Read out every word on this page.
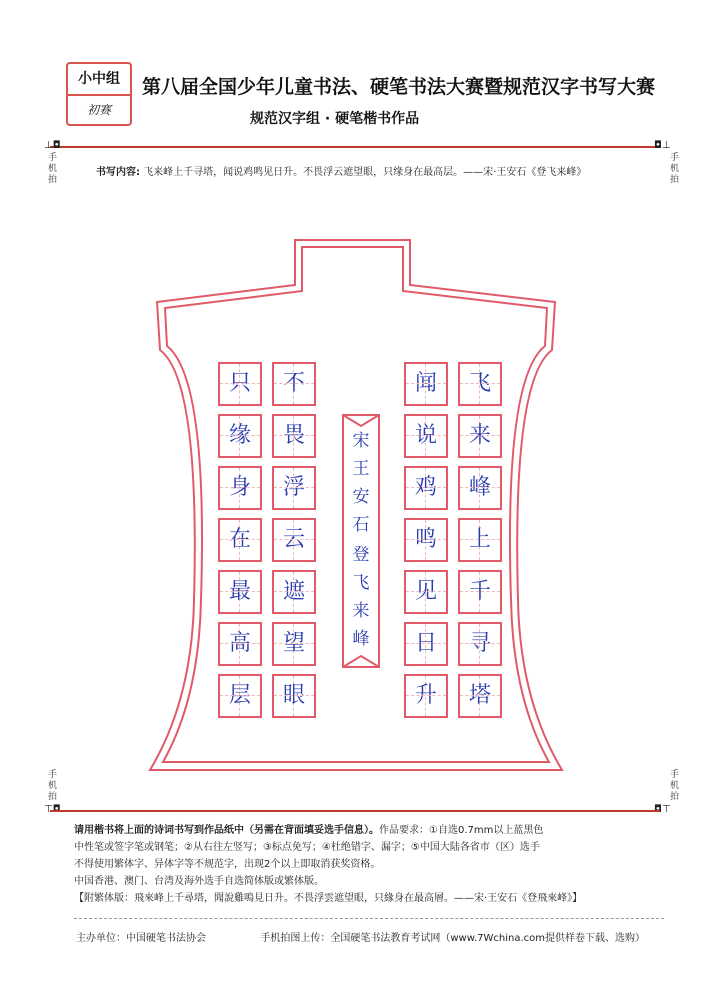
小中组
初赛
第八届全国少年儿童书法、硬笔书法大赛暨规范汉字书写大赛
规范汉字组 · 硬笔楷书作品
⊥◘
手
机
拍
◘⊥
手
机
拍
书写内容: 飞来峰上千寻塔，闻说鸡鸣见日升。不畏浮云遮望眼，只缘身在最高层。——宋·王安石《登飞来峰》
飞
来
峰
上
千
寻
塔
闻
说
鸡
鸣
见
日
升
不
畏
浮
云
遮
望
眼
只
缘
身
在
最
高
层
宋
王
安
石
登
飞
来
峰
手
机
拍
⊤◘
手
机
拍
◘⊤
请用楷书将上面的诗词书写到作品纸中（另需在背面填妥选手信息）。作品要求：①自选0.7mm以上蓝黑色
中性笔或签字笔或钢笔；②从右往左竖写；③标点免写；④杜绝错字、漏字；⑤中国大陆各省市（区）选手
不得使用繁体字、异体字等不规范字，出现2个以上即取消获奖资格。
中国香港、澳门、台湾及海外选手自选简体版或繁体版。
【附繁体版：飛來峰上千尋塔，聞說雞鳴見日升。不畏浮雲遮望眼，只緣身在最高層。——宋·王安石《登飛來峰》】
主办单位：中国硬笔书法协会	手机拍图上传：全国硬笔书法教育考试网（www.7Wchina.com提供样卷下载、选购）
